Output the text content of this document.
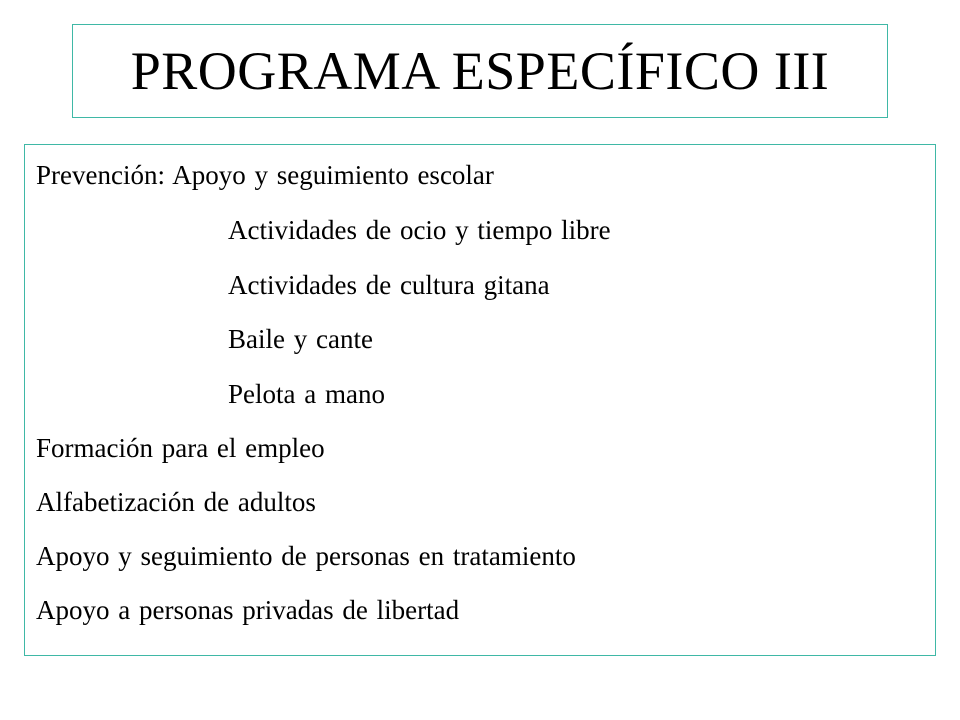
PROGRAMA ESPECÍFICO III
Prevención: Apoyo y seguimiento escolar
Actividades de ocio y tiempo libre
Actividades de cultura gitana
Baile y cante
Pelota a mano
Formación para el empleo
Alfabetización de adultos
Apoyo y seguimiento de personas en tratamiento
Apoyo a personas privadas de libertad
